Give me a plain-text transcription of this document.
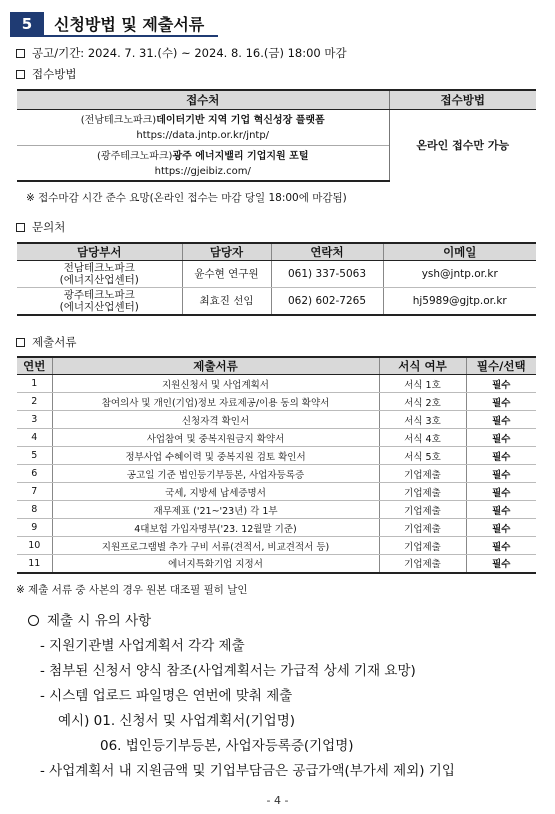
5	신청방법 및 제출서류
공고/기간: 2024. 7. 31.(수) ~ 2024. 8. 16.(금) 18:00 마감
접수방법
접수처	접수방법
(전남테크노파크)데이터기반 지역 기업 혁신성장 플랫폼	온라인 접수만 가능
https://data.jntp.or.kr/jntp/	
(광주테크노파크)광주 에너지밸리 기업지원 포털	
https://gjeibiz.com/	
※ 접수마감 시간 준수 요망(온라인 접수는 마감 당일 18:00에 마감됨)
문의처
담당부서	담당자	연락처	이메일

전남테크노파크
(에너지산업센터)	윤수현 연구원	061) 337-5063	ysh@jntp.or.kr

광주테크노파크
(에너지산업센터)	최효진 선임	062) 602-7265	hj5989@gjtp.or.kr
제출서류
연번	제출서류	서식 여부	필수/선택
1	지원신청서 및 사업계획서	서식 1호	필수
2	참여의사 및 개인(기업)정보 자료제공/이용 동의 확약서	서식 2호	필수
3	신청자격 확인서	서식 3호	필수
4	사업참여 및 중복지원금지 확약서	서식 4호	필수
5	정부사업 수혜이력 및 중복지원 검토 확인서	서식 5호	필수
6	공고일 기준 법인등기부등본, 사업자등록증	기업제출	필수
7	국세, 지방세 납세증명서	기업제출	필수
8	재무제표 ('21~'23년) 각 1부	기업제출	필수
9	4대보험 가입자명부('23. 12월말 기준)	기업제출	필수
10	지원프로그램별 추가 구비 서류(견적서, 비교견적서 등)	기업제출	필수
11	에너지특화기업 지정서	기업제출	필수
※ 제출 서류 중 사본의 경우 원본 대조필 필히 날인
제출 시 유의 사항
- 지원기관별 사업계획서 각각 제출
- 첨부된 신청서 양식 참조(사업계획서는 가급적 상세 기재 요망)
- 시스템 업로드 파일명은 연번에 맞춰 제출
예시) 01. 신청서 및 사업계획서(기업명)
06. 법인등기부등본, 사업자등록증(기업명)
- 사업계획서 내 지원금액 및 기업부담금은 공급가액(부가세 제외) 기입
- 4 -
